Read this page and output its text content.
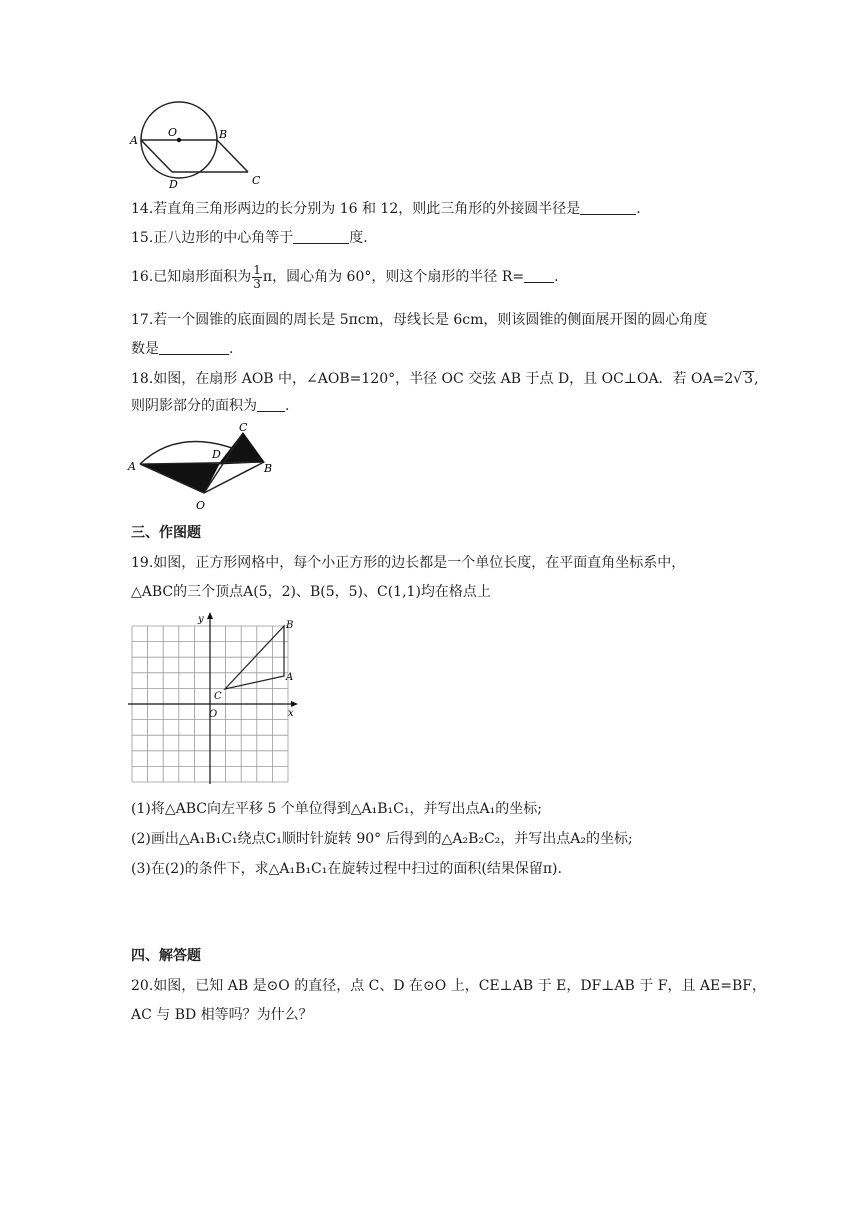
A
O	B
D	C
14.若直角三角形两边的长分别为 16 和 12，则此三角形的外接圆半径是	.
15.正八边形的中心角等于	度.
16.已知扇形面积为 $\frac{1}{3}$ π，圆心角为 60°，则这个扇形的半径 R= .
17.若一个圆锥的底面圆的周长是 5πcm，母线长是 6cm，则该圆锥的侧面展开图的圆心角度
数是	.
18.如图，在扇形 AOB 中，∠AOB=120°，半径 OC 交弦 AB 于点 D，且 OC⊥OA．若 OA=2√ 3,
则阴影部分的面积为 .
A
C
D
B
O
三、作图题
19.如图，正方形网格中，每个小正方形的边长都是一个单位长度，在平面直角坐标系中，
△ABC的三个顶点A(5，2)、B(5，5)、C(1,1)均在格点上
y
x
O
A
B
C
(1)将△ABC向左平移 5 个单位得到△A₁B₁C₁，并写出点A₁的坐标;
(2)画出△A₁B₁C₁绕点C₁顺时针旋转 90° 后得到的△A₂B₂C₂，并写出点A₂的坐标;
(3)在(2)的条件下，求△A₁B₁C₁在旋转过程中扫过的面积(结果保留π).
四、解答题
20.如图，已知 AB 是⊙O 的直径，点 C、D 在⊙O 上，CE⊥AB 于 E，DF⊥AB 于 F，且 AE=BF，
AC 与 BD 相等吗？为什么？
